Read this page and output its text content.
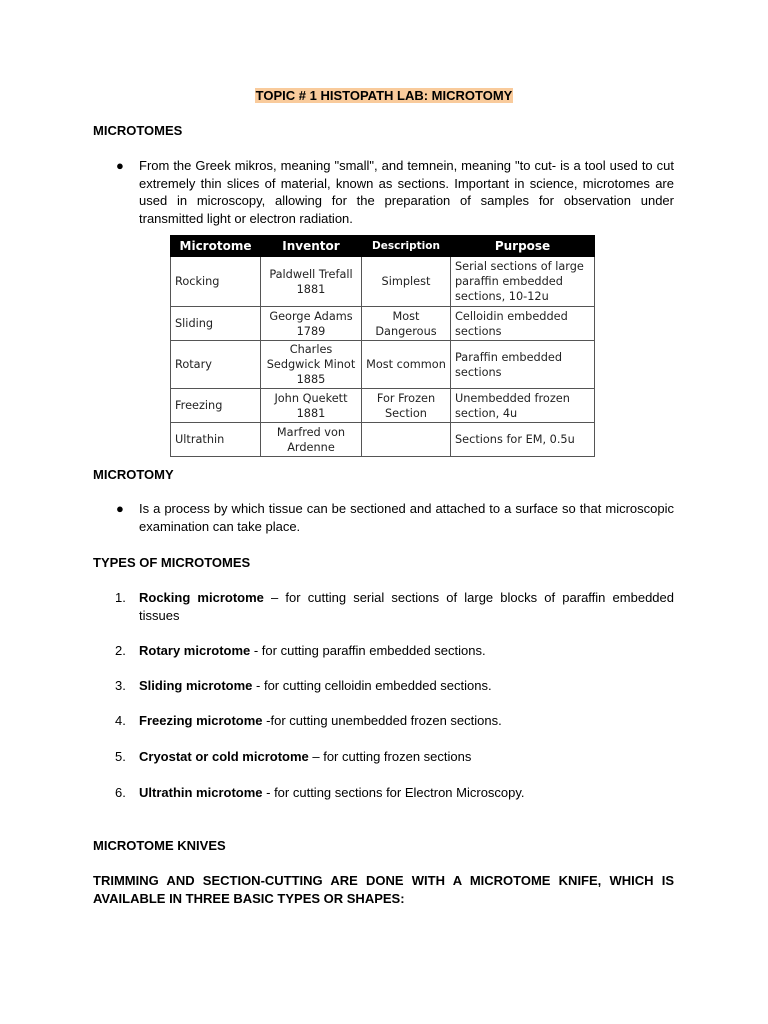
TOPIC # 1 HISTOPATH LAB: MICROTOMY
MICROTOMES
● From the Greek mikros, meaning "small", and temnein, meaning "to cut- is a tool used to cut extremely thin slices of material, known as sections. Important in science, microtomes are used in microscopy, allowing for the preparation of samples for observation under transmitted light or electron radiation.
Microtome	Inventor	Description	Purpose
Rocking	Paldwell Trefall 1881	Simplest	Serial sections of large paraffin embedded sections, 10-12u
Sliding	George Adams 1789	Most Dangerous	Celloidin embedded sections
Rotary	Charles Sedgwick Minot 1885	Most common	Paraffin embedded sections
Freezing	John Quekett 1881	For Frozen Section	Unembedded frozen section, 4u
Ultrathin	Marfred von Ardenne		Sections for EM, 0.5u
MICROTOMY
● Is a process by which tissue can be sectioned and attached to a surface so that microscopic examination can take place.
TYPES OF MICROTOMES
1. Rocking microtome – for cutting serial sections of large blocks of paraffin embedded tissues
2. Rotary microtome - for cutting paraffin embedded sections.
3. Sliding microtome - for cutting celloidin embedded sections.
4. Freezing microtome -for cutting unembedded frozen sections.
5. Cryostat or cold microtome – for cutting frozen sections
6. Ultrathin microtome - for cutting sections for Electron Microscopy.
MICROTOME KNIVES
TRIMMING AND SECTION-CUTTING ARE DONE WITH A MICROTOME KNIFE, WHICH IS AVAILABLE IN THREE BASIC TYPES OR SHAPES:
